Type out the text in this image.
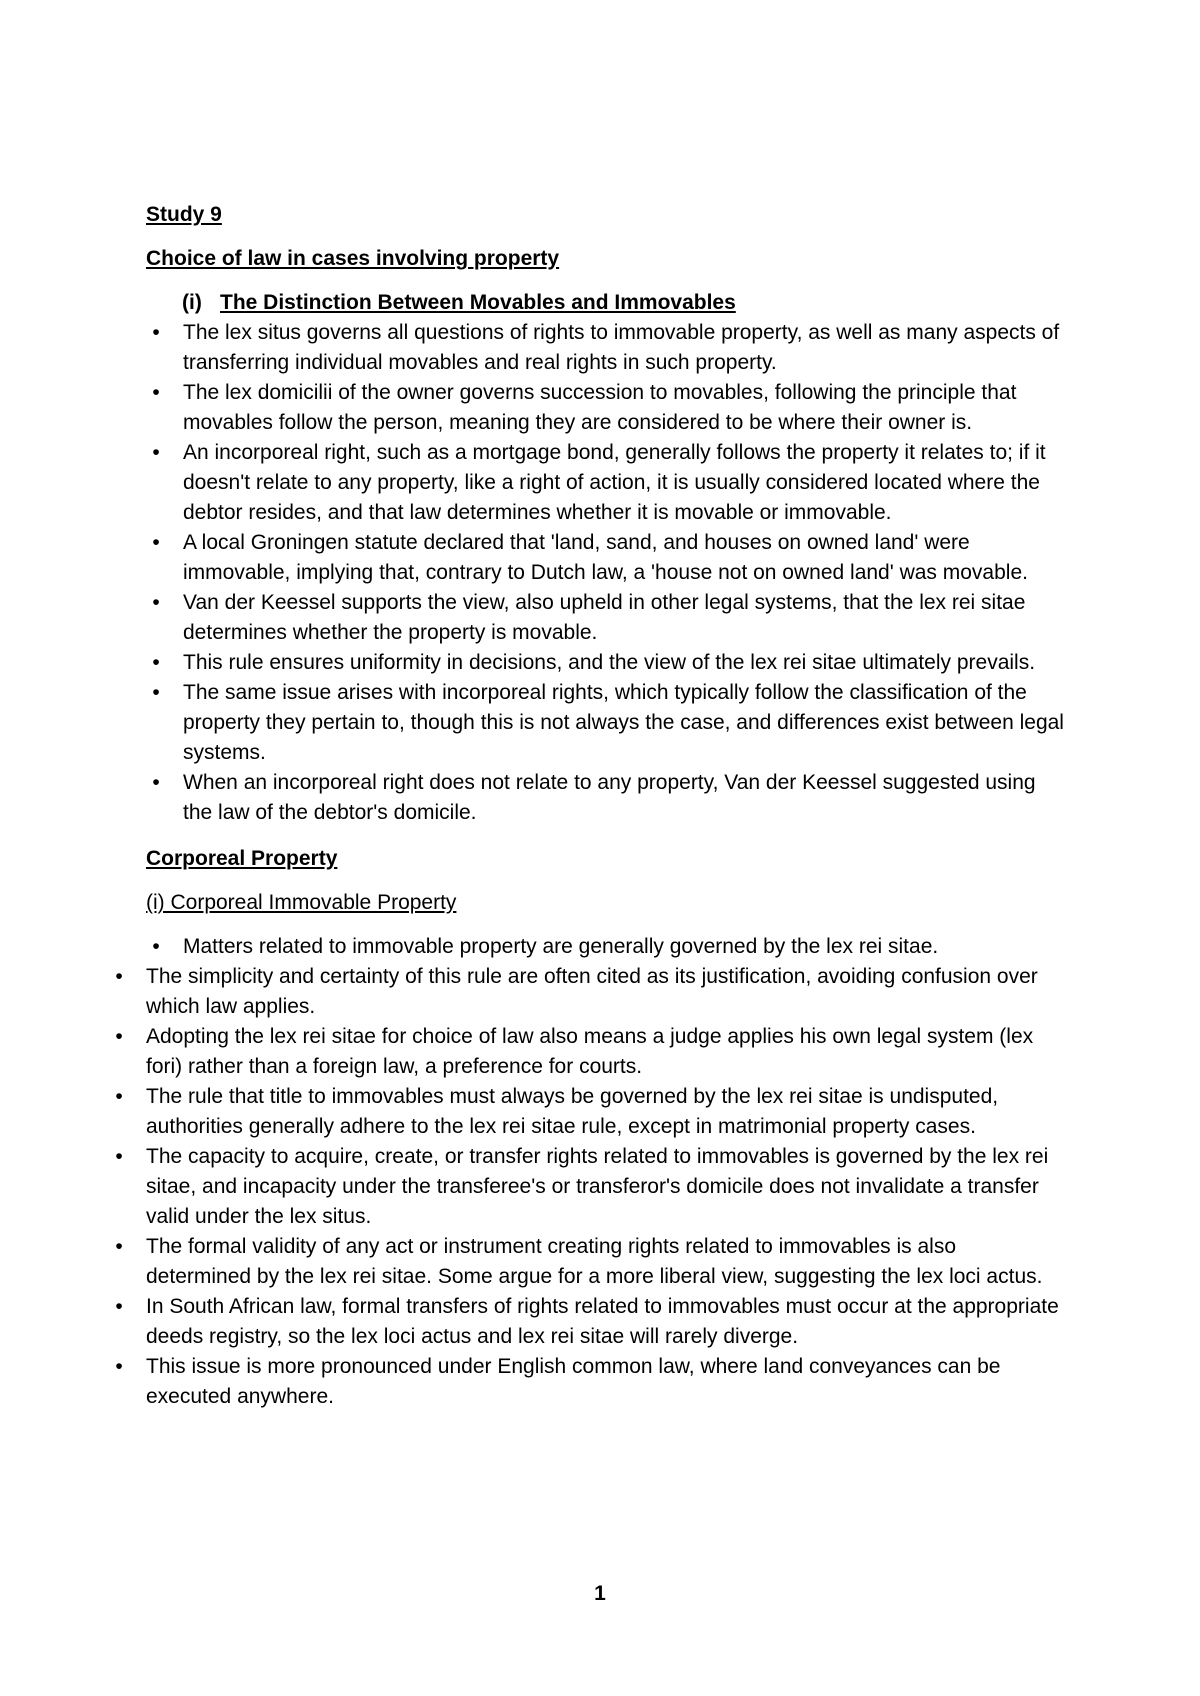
Study 9

Choice of law in cases involving property

(i) The Distinction Between Movables and Immovables

•	The lex situs governs all questions of rights to immovable property, as well as many aspects of transferring individual movables and real rights in such property.
•	The lex domicilii of the owner governs succession to movables, following the principle that movables follow the person, meaning they are considered to be where their owner is.
•	An incorporeal right, such as a mortgage bond, generally follows the property it relates to; if it doesn't relate to any property, like a right of action, it is usually considered located where the debtor resides, and that law determines whether it is movable or immovable.
•	A local Groningen statute declared that 'land, sand, and houses on owned land' were immovable, implying that, contrary to Dutch law, a 'house not on owned land' was movable.
•	Van der Keessel supports the view, also upheld in other legal systems, that the lex rei sitae determines whether the property is movable.
•	This rule ensures uniformity in decisions, and the view of the lex rei sitae ultimately prevails.
•	The same issue arises with incorporeal rights, which typically follow the classification of the property they pertain to, though this is not always the case, and differences exist between legal systems.
•	When an incorporeal right does not relate to any property, Van der Keessel suggested using the law of the debtor's domicile.

Corporeal Property

(i) Corporeal Immovable Property

•	Matters related to immovable property are generally governed by the lex rei sitae.
•	The simplicity and certainty of this rule are often cited as its justification, avoiding confusion over which law applies.
•	Adopting the lex rei sitae for choice of law also means a judge applies his own legal system (lex fori) rather than a foreign law, a preference for courts.
•	The rule that title to immovables must always be governed by the lex rei sitae is undisputed, authorities generally adhere to the lex rei sitae rule, except in matrimonial property cases.
•	The capacity to acquire, create, or transfer rights related to immovables is governed by the lex rei sitae, and incapacity under the transferee's or transferor's domicile does not invalidate a transfer valid under the lex situs.
•	The formal validity of any act or instrument creating rights related to immovables is also determined by the lex rei sitae. Some argue for a more liberal view, suggesting the lex loci actus.
•	In South African law, formal transfers of rights related to immovables must occur at the appropriate deeds registry, so the lex loci actus and lex rei sitae will rarely diverge.
•	This issue is more pronounced under English common law, where land conveyances can be executed anywhere.
1
